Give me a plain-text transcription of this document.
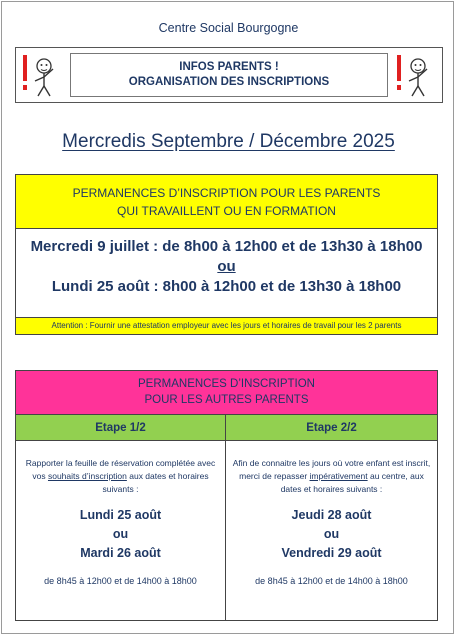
Centre Social Bourgogne
INFOS PARENTS !
ORGANISATION DES INSCRIPTIONS
Mercredis Septembre / Décembre 2025
PERMANENCES D’INSCRIPTION POUR LES PARENTS
QUI TRAVAILLENT OU EN FORMATION
Mercredi 9 juillet : de 8h00 à 12h00 et de 13h30 à 18h00
ou
Lundi 25 août : 8h00 à 12h00 et de 13h30 à 18h00
Attention : Fournir une attestation employeur avec les jours et horaires de travail pour les 2 parents
PERMANENCES D’INSCRIPTION
POUR LES AUTRES PARENTS
Etape 1/2
Rapporter la feuille de réservation complétée avec vos souhaits d’inscription aux dates et horaires suivants :
Lundi 25 août
ou
Mardi 26 août
de 8h45 à 12h00 et de 14h00 à 18h00
Etape 2/2
Afin de connaitre les jours où votre enfant est inscrit, merci de repasser impérativement au centre, aux dates et horaires suivants :
Jeudi 28 août
ou
Vendredi 29 août
de 8h45 à 12h00 et de 14h00 à 18h00
